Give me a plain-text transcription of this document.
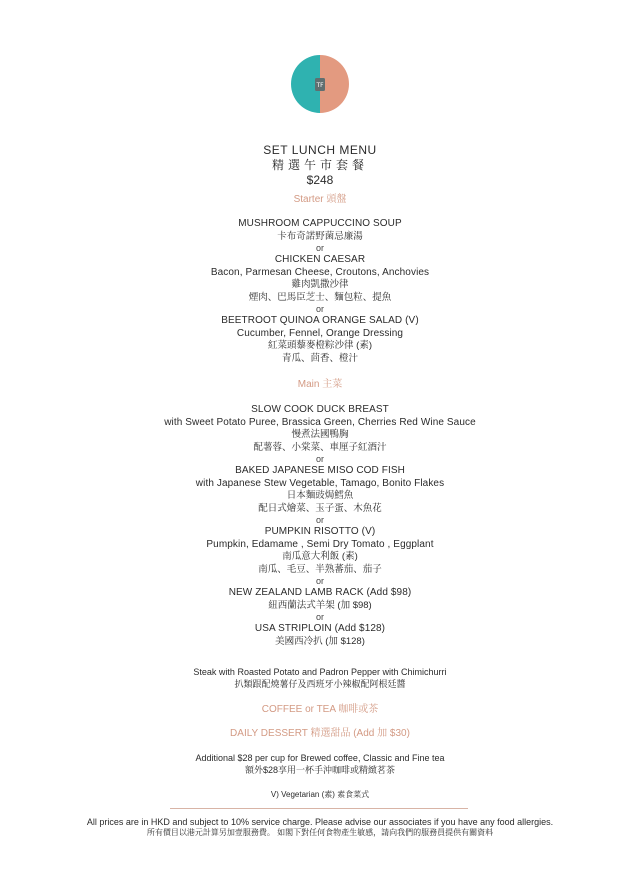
TF
SET LUNCH MENU
精選午市套餐
$248
Starter 頭盤
MUSHROOM CAPPUCCINO SOUP
卡布奇諾野菌忌廉湯
or
CHICKEN CAESAR
Bacon, Parmesan Cheese, Croutons, Anchovies
雞肉凱撒沙律
煙肉、巴馬臣芝士、麵包粒、提魚
or
BEETROOT QUINOA ORANGE SALAD (V)
Cucumber, Fennel, Orange Dressing
紅菜頭藜麥橙粽沙律 (素)
青瓜、茴香、橙汁
Main 主菜
SLOW COOK DUCK BREAST
with Sweet Potato Puree, Brassica Green, Cherries Red Wine Sauce
慢煮法國鴨胸
配薯蓉、小棠菜、車厘子紅酒汁
or
BAKED JAPANESE MISO COD FISH
with Japanese Stew Vegetable, Tamago, Bonito Flakes
日本麵豉焗鱈魚
配日式燴菜、玉子蛋、木魚花
or
PUMPKIN RISOTTO (V)
Pumpkin, Edamame , Semi Dry Tomato , Eggplant
南瓜意大利飯 (素)
南瓜、毛豆、半熟蕃茄、茄子
or
NEW ZEALAND LAMB RACK (Add $98)
紐西蘭法式羊架 (加 $98)
or
USA STRIPLOIN (Add $128)
美國西冷扒 (加 $128)
Steak with Roasted Potato and Padron Pepper with Chimichurri
扒類跟配燒薯仔及西班牙小辣椒配阿根廷醬
COFFEE or TEA 咖啡或茶
DAILY DESSERT 精選甜品 (Add 加 $30)
Additional $28 per cup for Brewed coffee, Classic and Fine tea
額外$28享用一杯手沖咖啡或精緻茗茶
V) Vegetarian (素) 素食菜式
All prices are in HKD and subject to 10% service charge. Please advise our associates if you have any food allergies.
所有價目以港元計算另加壹服務費。 如閣下對任何食物產生敏感，請向我們的服務員提供有關資料
